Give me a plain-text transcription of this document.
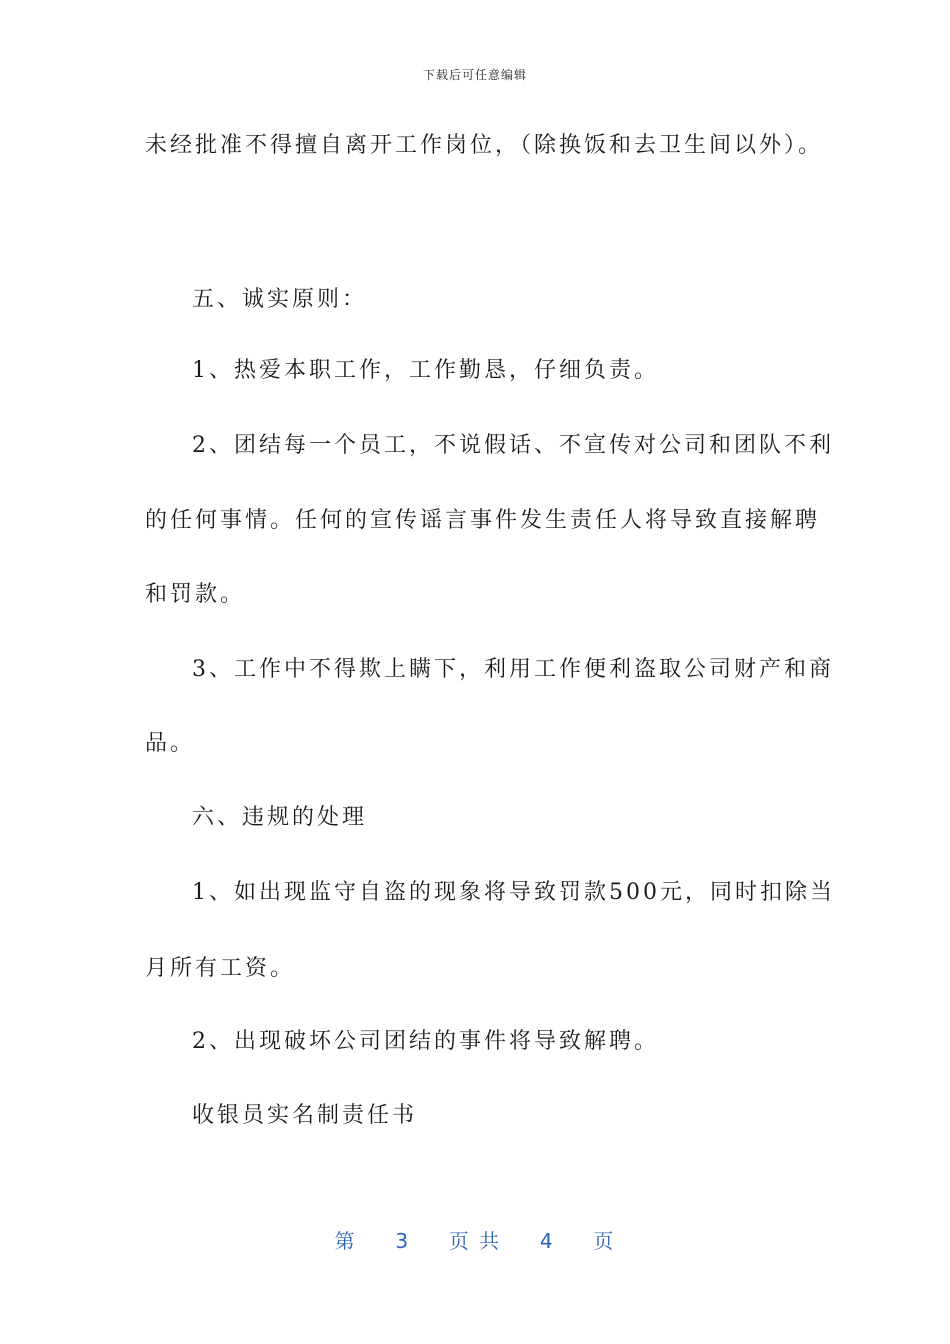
下载后可任意编辑
未经批准不得擅自离开工作岗位，（除换饭和去卫生间以外）。
五、诚实原则：
1、热爱本职工作，工作勤恳，仔细负责。
2、团结每一个员工，不说假话、不宣传对公司和团队不利
的任何事情。任何的宣传谣言事件发生责任人将导致直接解聘
和罚款。
3、工作中不得欺上瞒下，利用工作便利盗取公司财产和商
品。
六、违规的处理
1、如出现监守自盗的现象将导致罚款500元，同时扣除当
月所有工资。
2、出现破坏公司团结的事件将导致解聘。
收银员实名制责任书
第 3 页 共 4 页
